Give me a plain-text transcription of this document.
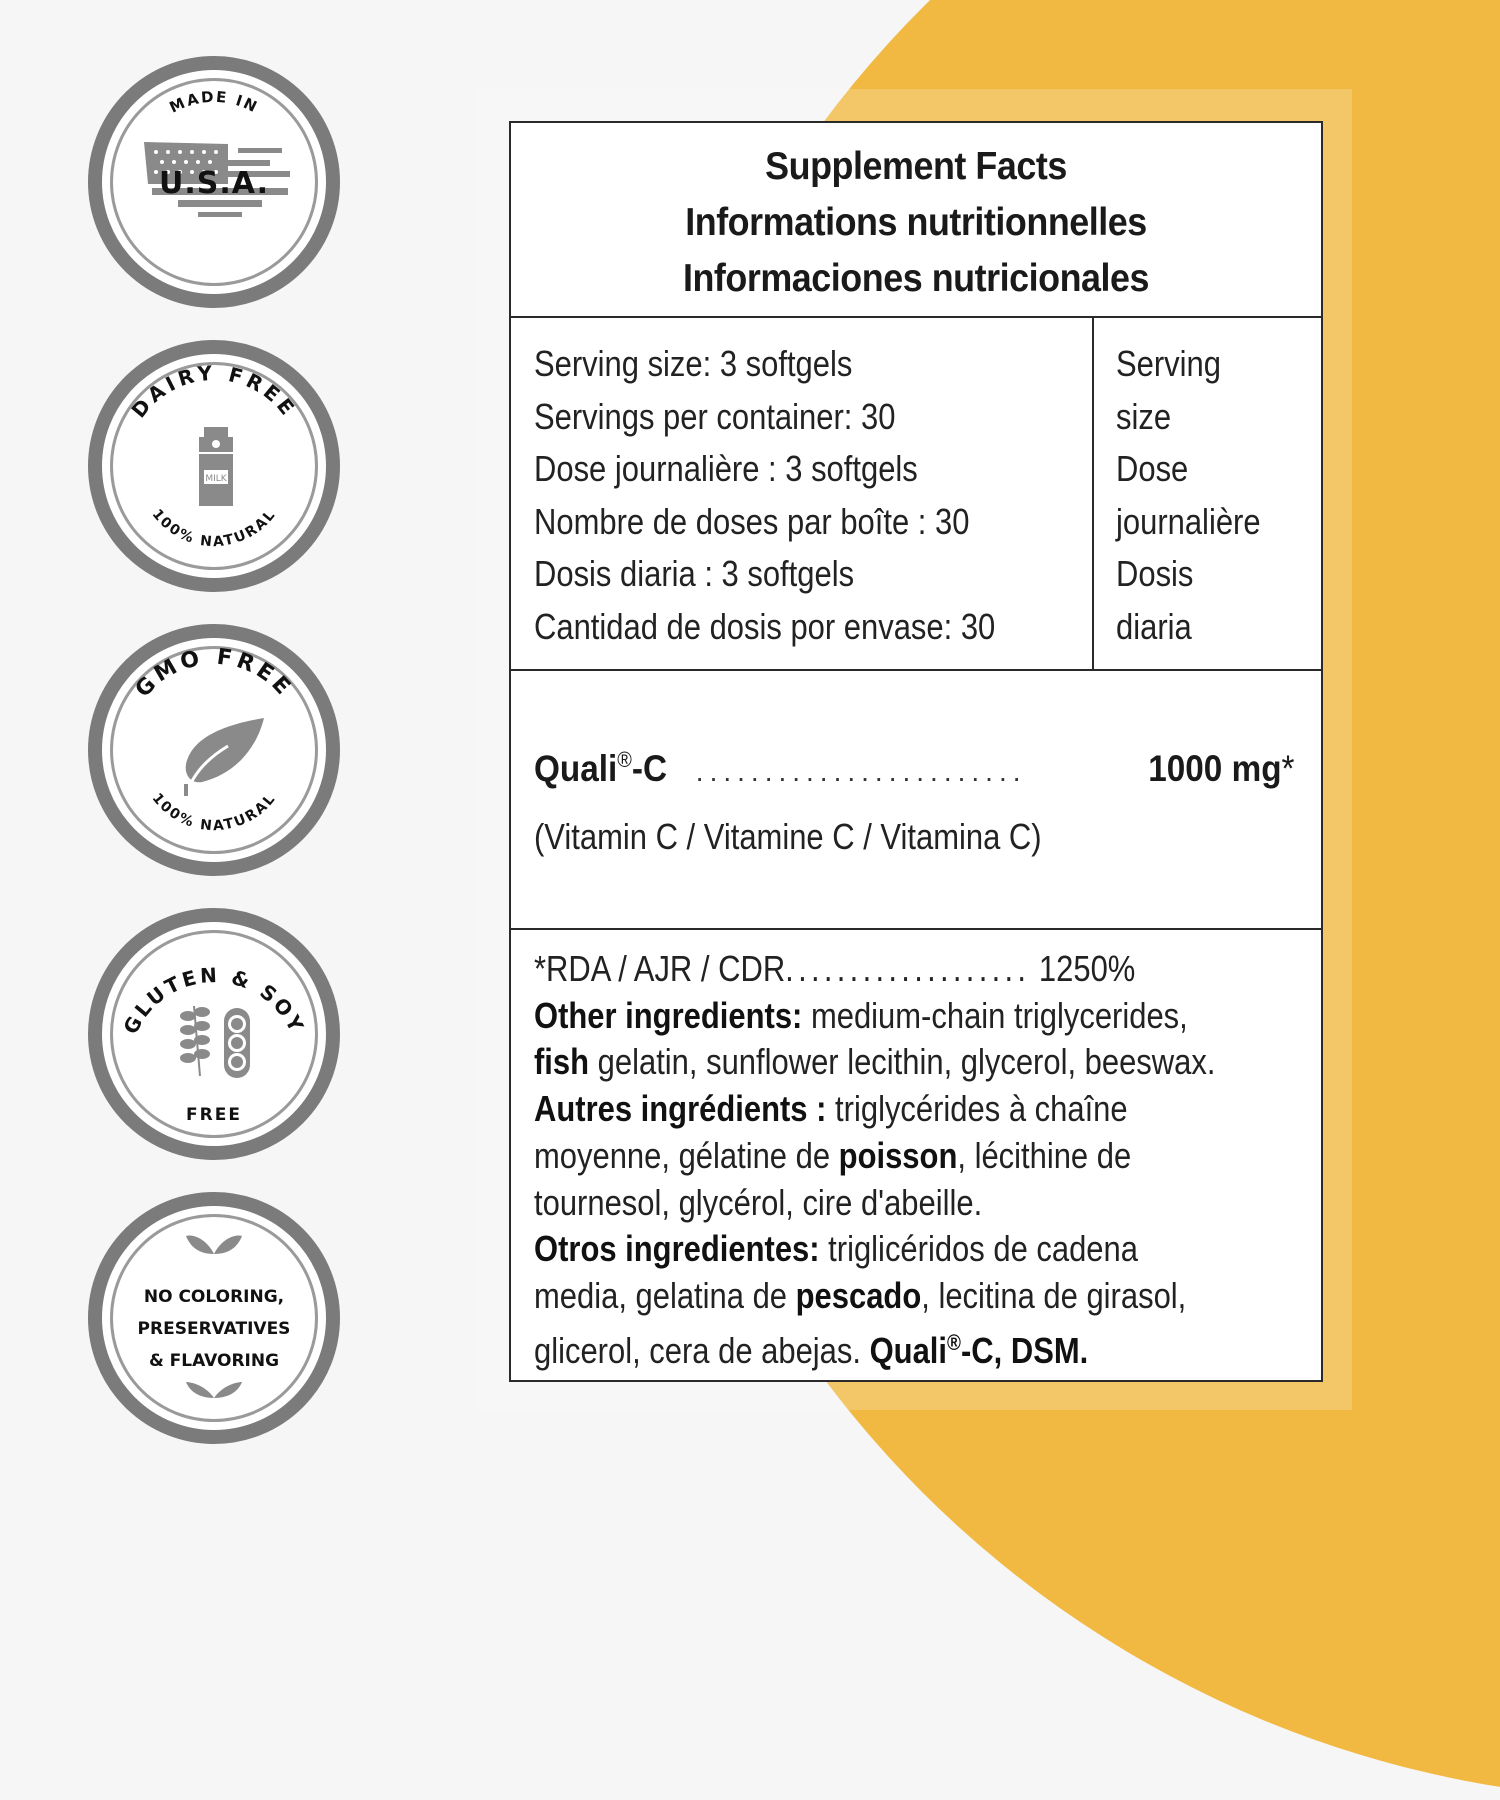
MADE IN
U.S.A.
MILK
DAIRY FREE
100% NATURAL
GMO FREE
100% NATURAL
GLUTEN & SOY
FREE
NO COLORING,
PRESERVATIVES
& FLAVORING
Supplement Facts
Informations nutritionnelles
Informaciones nutricionales
Serving size: 3 softgels
Servings per container: 30
Dose journalière : 3 softgels
Nombre de doses par boîte : 30
Dosis diaria : 3 softgels
Cantidad de dosis por envase: 30
Serving
size
Dose
journalière
Dosis
diaria
Quali®-C ........................	1000 mg*
(Vitamin C / Vitamine C / Vitamina C)
*RDA / AJR / CDR................... 1250%
Other ingredients: medium-chain triglycerides,
fish gelatin, sunflower lecithin, glycerol, beeswax.
Autres ingrédients : triglycérides à chaîne
moyenne, gélatine de poisson, lécithine de
tournesol, glycérol, cire d'abeille.
Otros ingredientes: triglicéridos de cadena
media, gelatina de pescado, lecitina de girasol,
glicerol, cera de abejas. Quali®-C, DSM.
